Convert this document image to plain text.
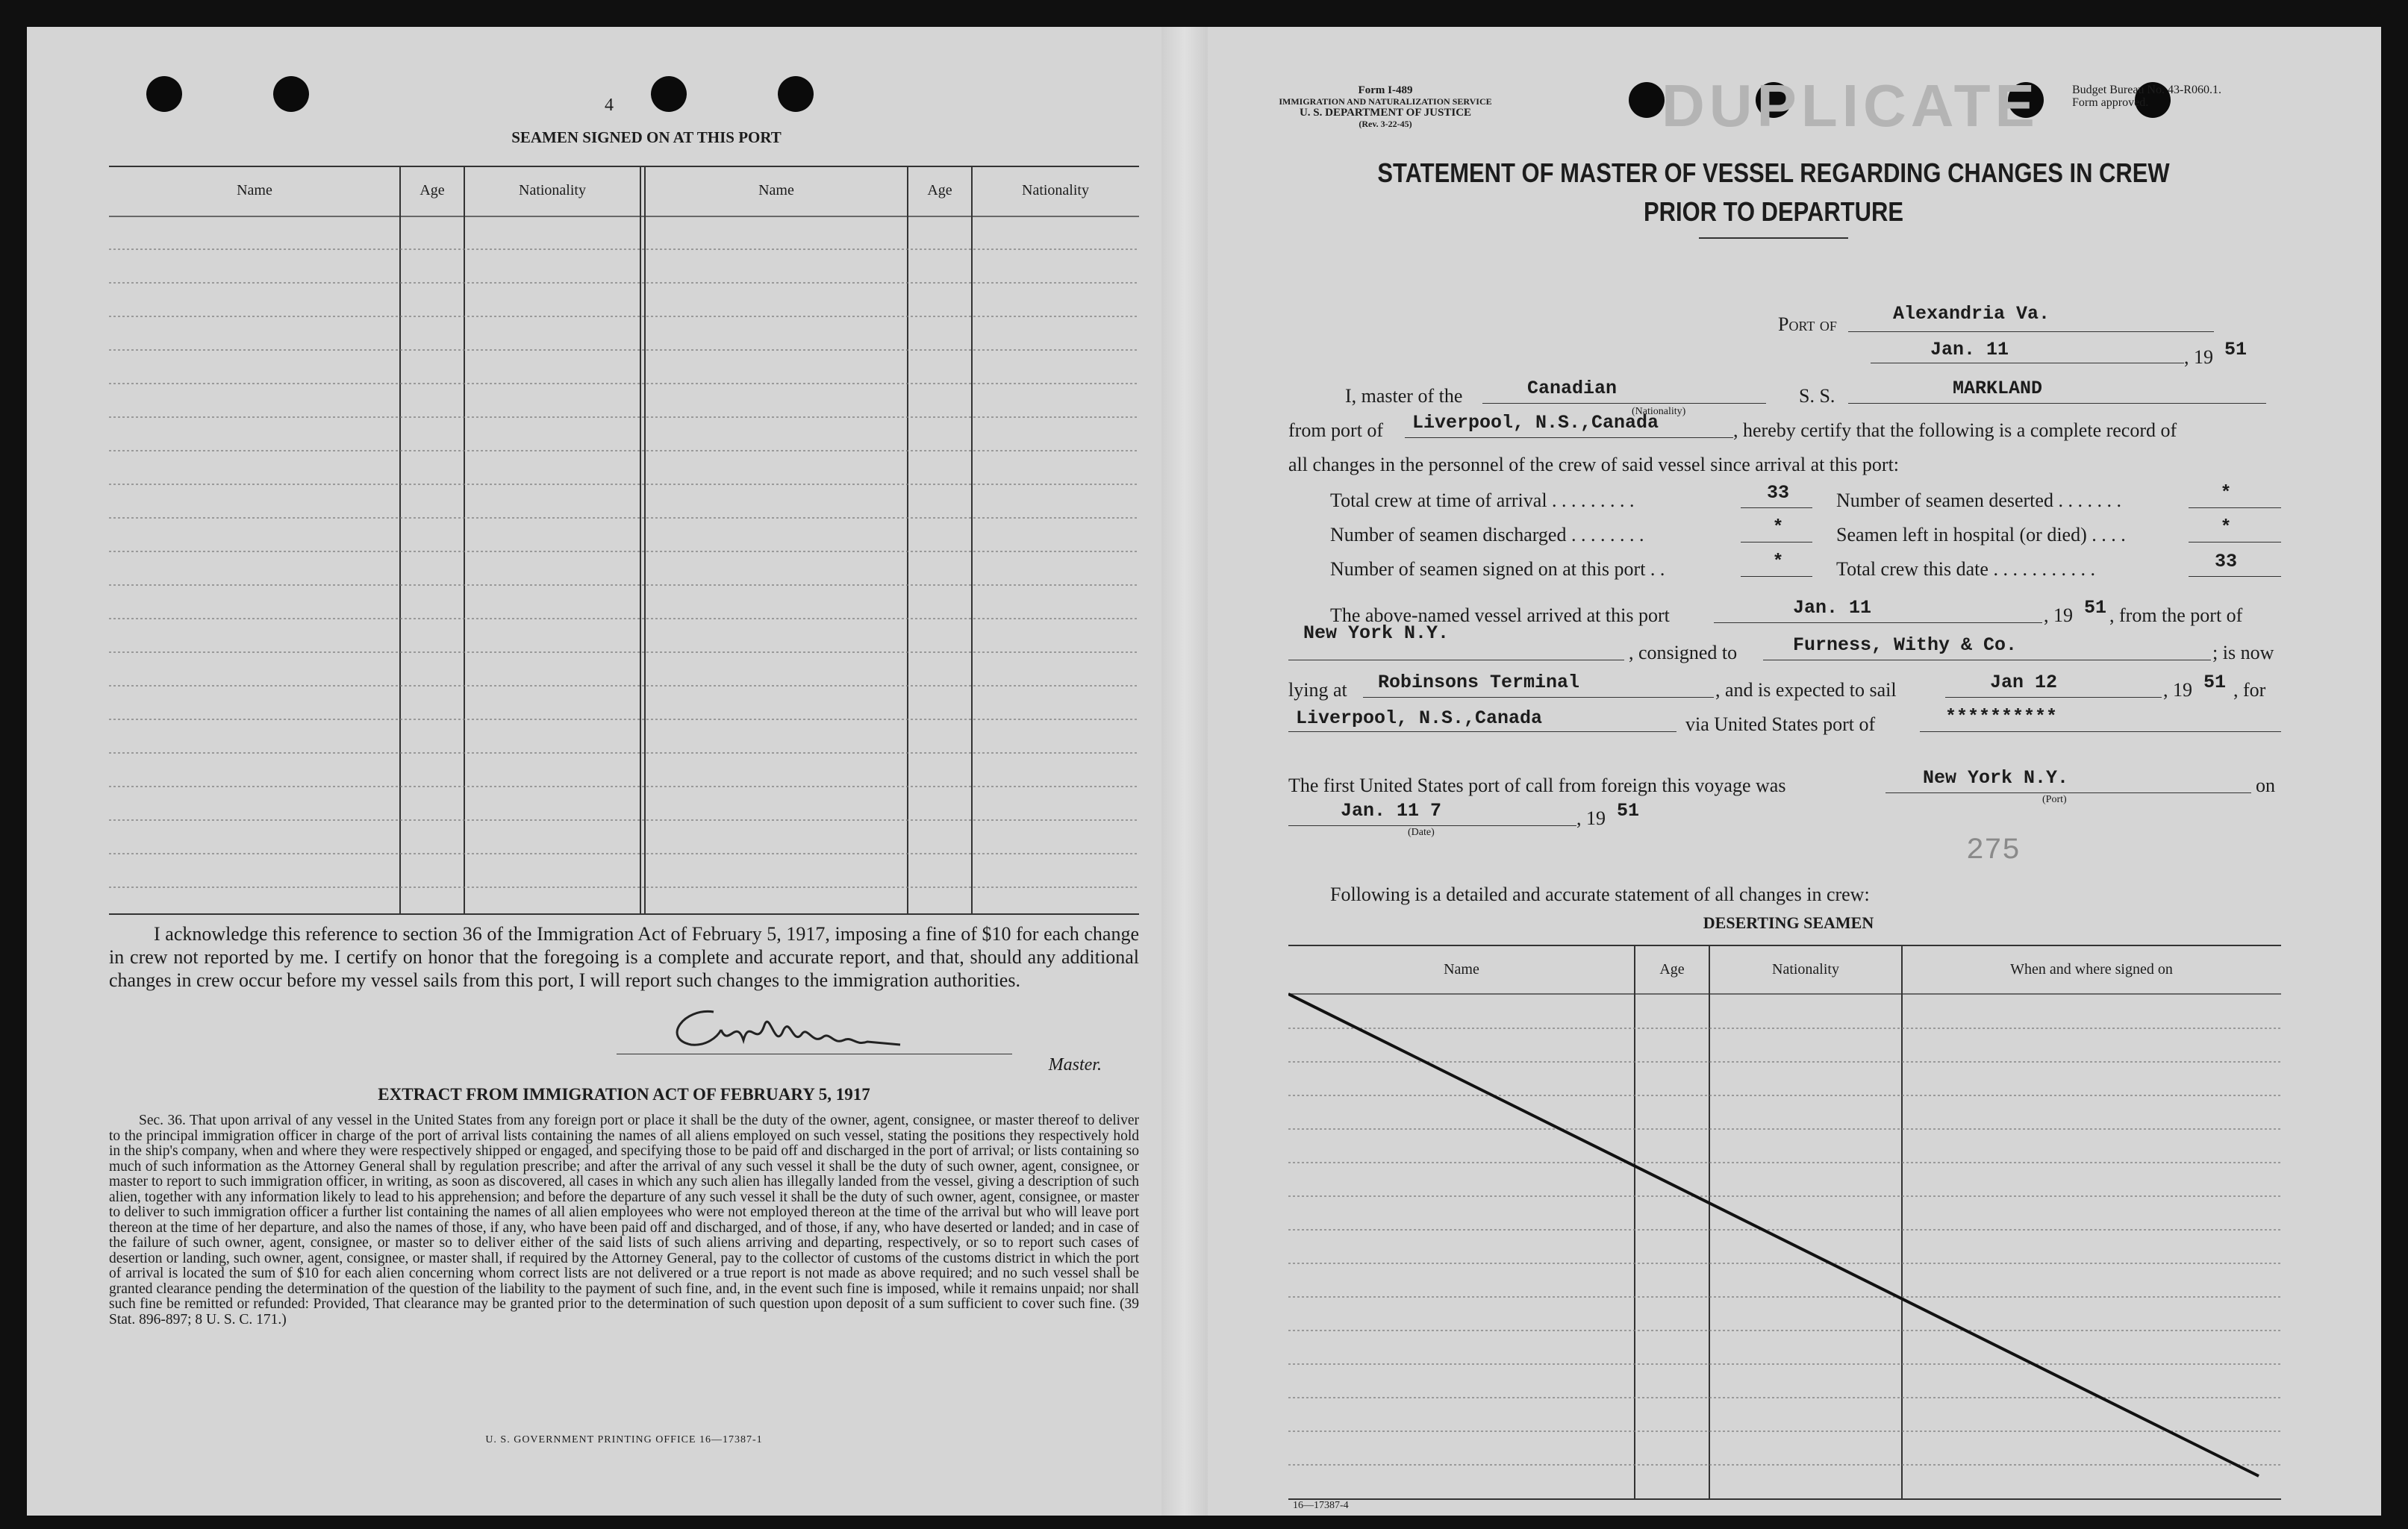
4
SEAMEN SIGNED ON AT THIS PORT
Name	Age	Nationality	Name	Age	Nationality
I acknowledge this reference to section 36 of the Immigration Act of February 5, 1917, imposing a fine of $10 for each change in crew not reported by me. I certify on honor that the foregoing is a complete and accurate report, and that, should any additional changes in crew occur before my vessel sails from this port, I will report such changes to the immigration authorities.
Master.
EXTRACT FROM IMMIGRATION ACT OF FEBRUARY 5, 1917
Sec. 36. That upon arrival of any vessel in the United States from any foreign port or place it shall be the duty of the owner, agent, consignee, or master thereof to deliver to the principal immigration officer in charge of the port of arrival lists containing the names of all aliens employed on such vessel, stating the positions they respectively hold in the ship's company, when and where they were respectively shipped or engaged, and specifying those to be paid off and discharged in the port of arrival; or lists containing so much of such information as the Attorney General shall by regulation prescribe; and after the arrival of any such vessel it shall be the duty of such owner, agent, consignee, or master to report to such immigration officer, in writing, as soon as discovered, all cases in which any such alien has illegally landed from the vessel, giving a description of such alien, together with any information likely to lead to his apprehension; and before the departure of any such vessel it shall be the duty of such owner, agent, consignee, or master to deliver to such immigration officer a further list containing the names of all alien employees who were not employed thereon at the time of the arrival but who will leave port thereon at the time of her departure, and also the names of those, if any, who have been paid off and discharged, and of those, if any, who have deserted or landed; and in case of the failure of such owner, agent, consignee, or master so to deliver either of the said lists of such aliens arriving and departing, respectively, or so to report such cases of desertion or landing, such owner, agent, consignee, or master shall, if required by the Attorney General, pay to the collector of customs of the customs district in which the port of arrival is located the sum of $10 for each alien concerning whom correct lists are not delivered or a true report is not made as above required; and no such vessel shall be granted clearance pending the determination of the question of the liability to the payment of such fine, and, in the event such fine is imposed, while it remains unpaid; nor shall such fine be remitted or refunded: Provided, That clearance may be granted prior to the determination of such question upon deposit of a sum sufficient to cover such fine. (39 Stat. 896-897; 8 U. S. C. 171.)
U. S. GOVERNMENT PRINTING OFFICE 16—17387-1
Form I-489
IMMIGRATION AND NATURALIZATION SERVICE
U. S. DEPARTMENT OF JUSTICE
(Rev. 3-22-45)	DUPLICATE	Budget Bureau No. 43-R060.1.
Form approved.
STATEMENT OF MASTER OF VESSEL REGARDING CHANGES IN CREW
PRIOR TO DEPARTURE
Port of	Alexandria Va.
Jan. 11	, 19 51
I, master of the	Canadian
(Nationality)
S. S.	MARKLAND
from port of Liverpool, N.S.,Canada	, hereby certify that the following is a complete record of
all changes in the personnel of the crew of said vessel since arrival at this port:
Total crew at time of arrival . . . . . . . . .	33	Number of seamen deserted . . . . . . .	*
Number of seamen discharged . . . . . . . .	*	Seamen left in hospital (or died) . . . .	*
Number of seamen signed on at this port . .	*	Total crew this date . . . . . . . . . . .	33
The above-named vessel arrived at this port	Jan. 11	, 19 51 , from the port of
New York N.Y.
, consigned to	Furness, Withy & Co.	; is now
lying at Robinsons Terminal	, and is expected to sail	Jan 12	, 19 51 , for
Liverpool, N.S.,Canada	via United States port of	**********
The first United States port of call from foreign this voyage was	New York N.Y.
(Port)
on
Jan. 11 7
(Date)
, 19 51
275
Following is a detailed and accurate statement of all changes in crew:
DESERTING SEAMEN
Name	Age	Nationality	When and where signed on
16—17387-4
